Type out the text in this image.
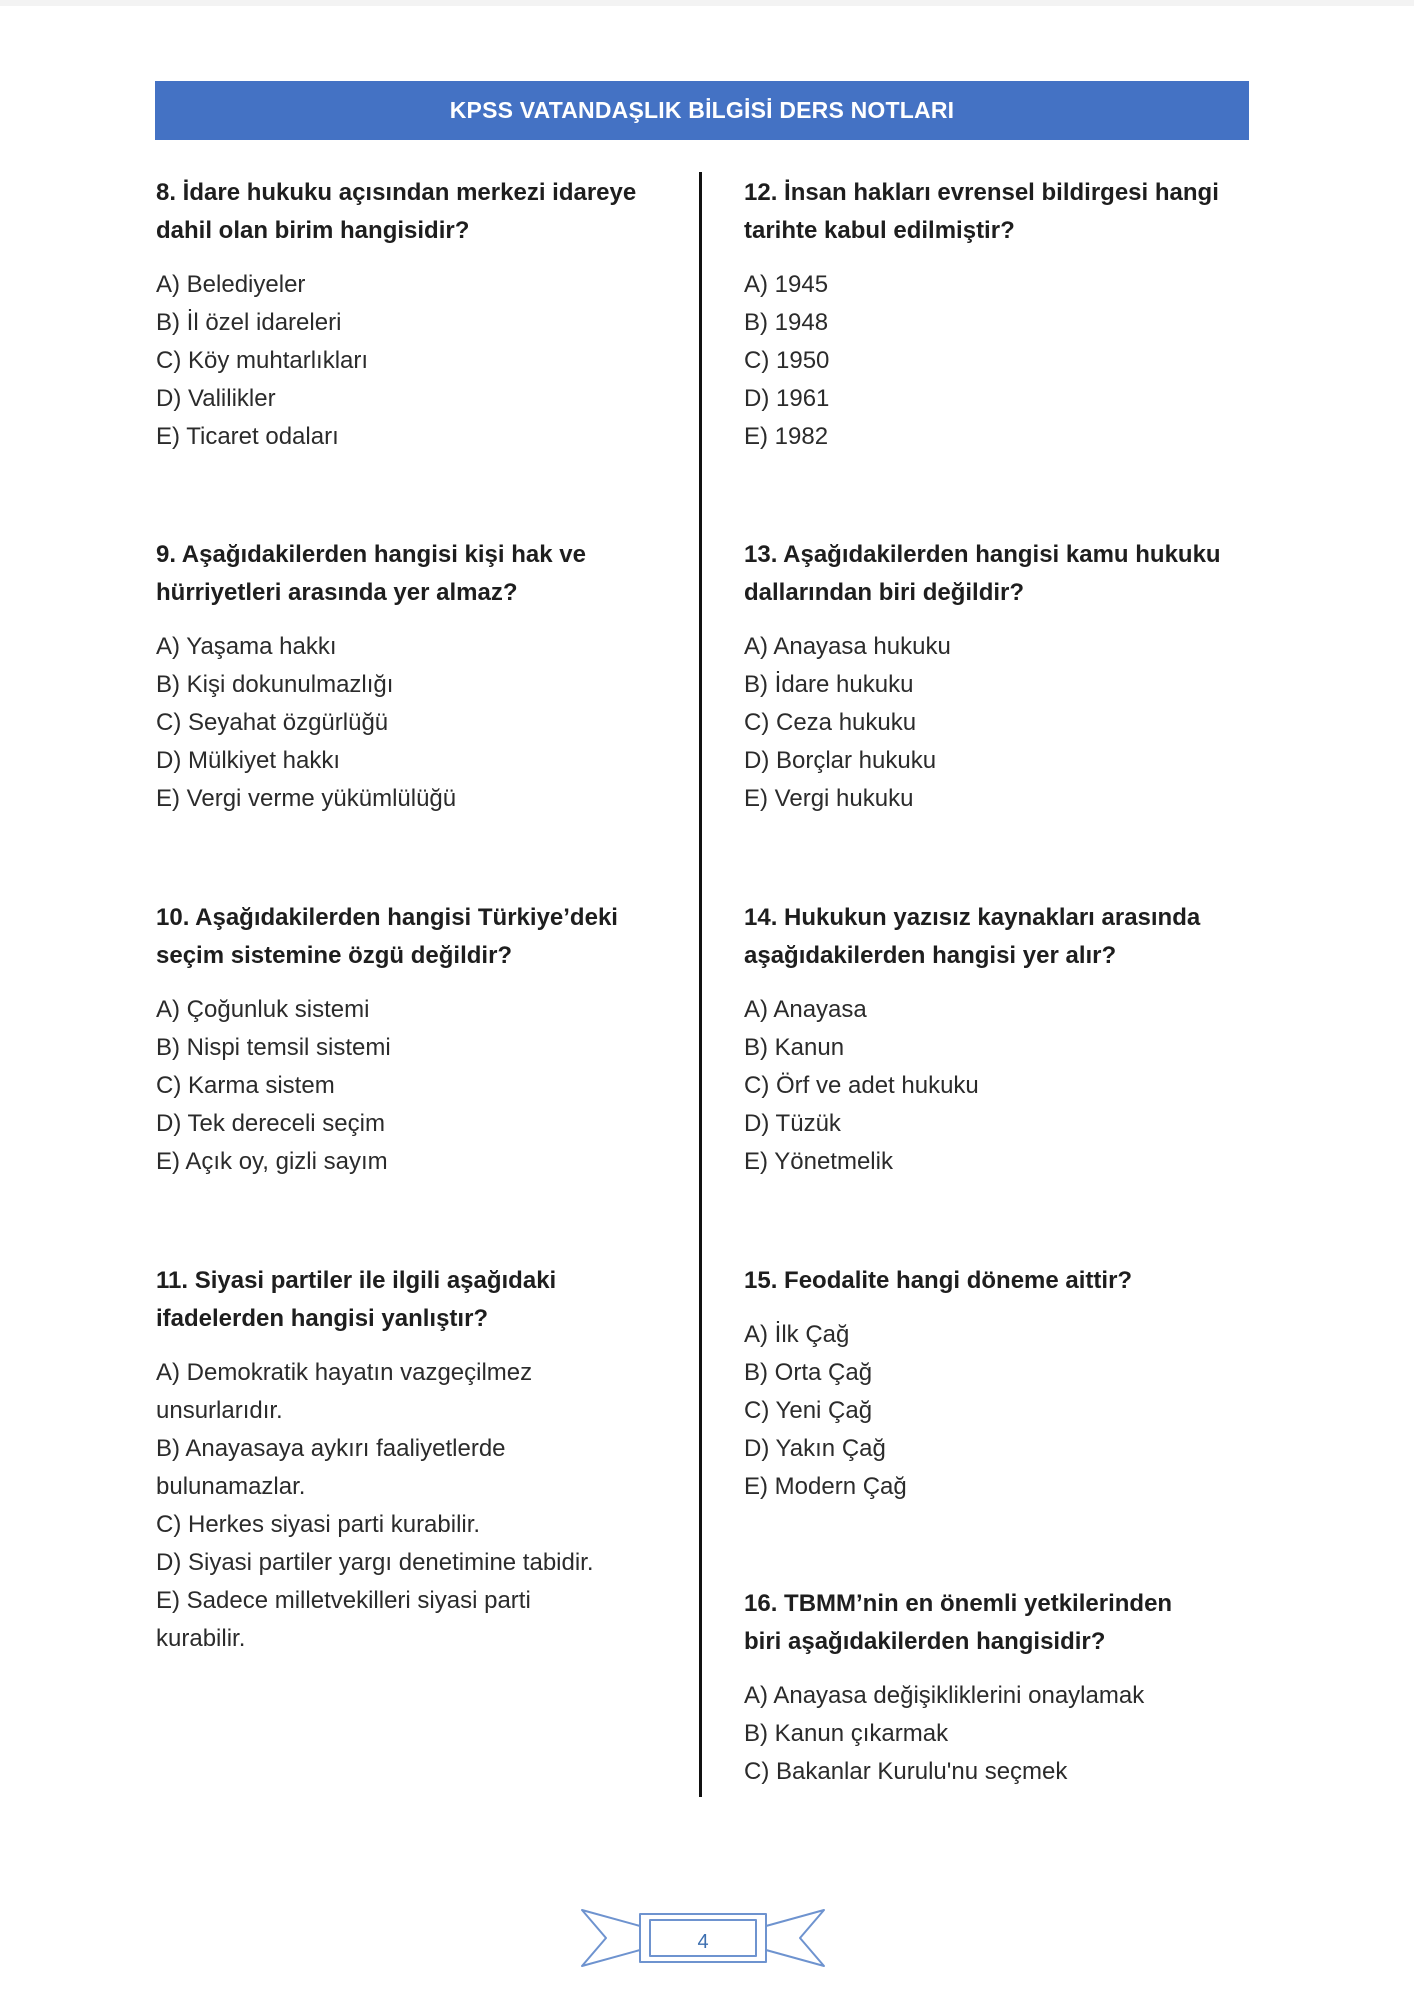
KPSS VATANDAŞLIK BİLGİSİ DERS NOTLARI
8. İdare hukuku açısından merkezi idareye
dahil olan birim hangisidir?
A) Belediyeler
B) İl özel idareleri
C) Köy muhtarlıkları
D) Valilikler
E) Ticaret odaları
9. Aşağıdakilerden hangisi kişi hak ve
hürriyetleri arasında yer almaz?
A) Yaşama hakkı
B) Kişi dokunulmazlığı
C) Seyahat özgürlüğü
D) Mülkiyet hakkı
E) Vergi verme yükümlülüğü
10. Aşağıdakilerden hangisi Türkiye’deki
seçim sistemine özgü değildir?
A) Çoğunluk sistemi
B) Nispi temsil sistemi
C) Karma sistem
D) Tek dereceli seçim
E) Açık oy, gizli sayım
11. Siyasi partiler ile ilgili aşağıdaki
ifadelerden hangisi yanlıştır?
A) Demokratik hayatın vazgeçilmez
unsurlarıdır.
B) Anayasaya aykırı faaliyetlerde
bulunamazlar.
C) Herkes siyasi parti kurabilir.
D) Siyasi partiler yargı denetimine tabidir.
E) Sadece milletvekilleri siyasi parti
kurabilir.
12. İnsan hakları evrensel bildirgesi hangi
tarihte kabul edilmiştir?
A) 1945
B) 1948
C) 1950
D) 1961
E) 1982
13. Aşağıdakilerden hangisi kamu hukuku
dallarından biri değildir?
A) Anayasa hukuku
B) İdare hukuku
C) Ceza hukuku
D) Borçlar hukuku
E) Vergi hukuku
14. Hukukun yazısız kaynakları arasında
aşağıdakilerden hangisi yer alır?
A) Anayasa
B) Kanun
C) Örf ve adet hukuku
D) Tüzük
E) Yönetmelik
15. Feodalite hangi döneme aittir?
A) İlk Çağ
B) Orta Çağ
C) Yeni Çağ
D) Yakın Çağ
E) Modern Çağ
16. TBMM’nin en önemli yetkilerinden
biri aşağıdakilerden hangisidir?
A) Anayasa değişikliklerini onaylamak
B) Kanun çıkarmak
C) Bakanlar Kurulu'nu seçmek
4
